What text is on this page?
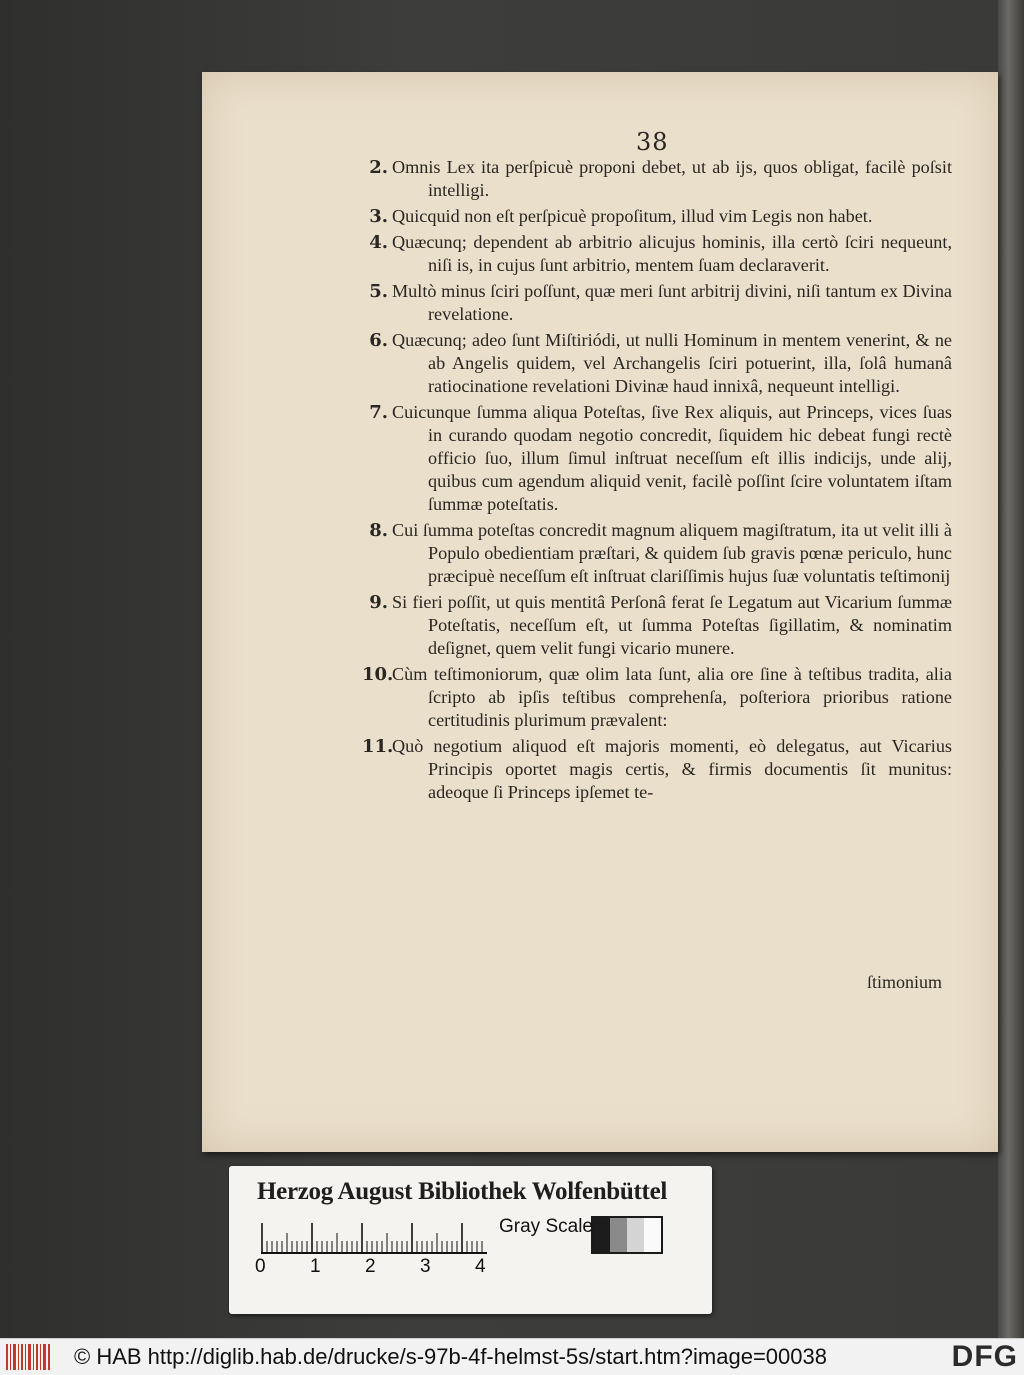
38
2. Omnis Lex ita perſpicuè proponi debet, ut ab ijs, quos obligat, facilè poſsit intelligi.
3. Quicquid non eſt perſpicuè propoſitum, illud vim Legis non habet.
4. Quæcunq; dependent ab arbitrio alicujus hominis, illa certò ſciri nequeunt, niſi is, in cujus ſunt arbitrio, mentem ſuam declaraverit.
5. Multò minus ſciri poſſunt, quæ meri ſunt arbitrij divini, niſi tantum ex Divina revelatione.
6. Quæcunq; adeo ſunt Miſtiriódi, ut nulli Hominum in mentem venerint, & ne ab Angelis quidem, vel Archangelis ſciri potuerint, illa, ſolâ humanâ ratiocinatione revelationi Divinæ haud innixâ, nequeunt intelligi.
7. Cuicunque ſumma aliqua Poteſtas, ſive Rex aliquis, aut Princeps, vices ſuas in curando quodam negotio concredit, ſiquidem hic debeat fungi rectè officio ſuo, illum ſimul inſtruat neceſſum eſt illis indicijs, unde alij, quibus cum agendum aliquid venit, facilè poſſint ſcire voluntatem iſtam ſummæ poteſtatis.
8. Cui ſumma poteſtas concredit magnum aliquem magiſtratum, ita ut velit illi à Populo obedientiam præſtari, & quidem ſub gravis pœnæ periculo, hunc præcipuè neceſſum eſt inſtruat clariſſimis hujus ſuæ voluntatis teſtimonij
9. Si fieri poſſit, ut quis mentitâ Perſonâ ferat ſe Legatum aut Vicarium ſummæ Poteſtatis, neceſſum eſt, ut ſumma Poteſtas ſigillatim, & nominatim deſignet, quem velit fungi vicario munere.
10.
Cùm teſtimoniorum, quæ olim lata ſunt, alia ore ſine à teſtibus tradita, alia ſcripto ab ipſis teſtibus comprehenſa, poſteriora prioribus ratione certitudinis plurimum prævalent:
11.
Quò negotium aliquod eſt majoris momenti, eò delegatus, aut Vicarius Principis oportet magis certis, & firmis documentis ſit munitus: adeoque ſi Princeps ipſemet te-
ſtimonium
Herzog August Bibliothek Wolfenbüttel
0 1 2 3 4
Gray Scale
© HAB http://diglib.hab.de/drucke/s-97b-4f-helmst-5s/start.htm?image=00038	DFG
